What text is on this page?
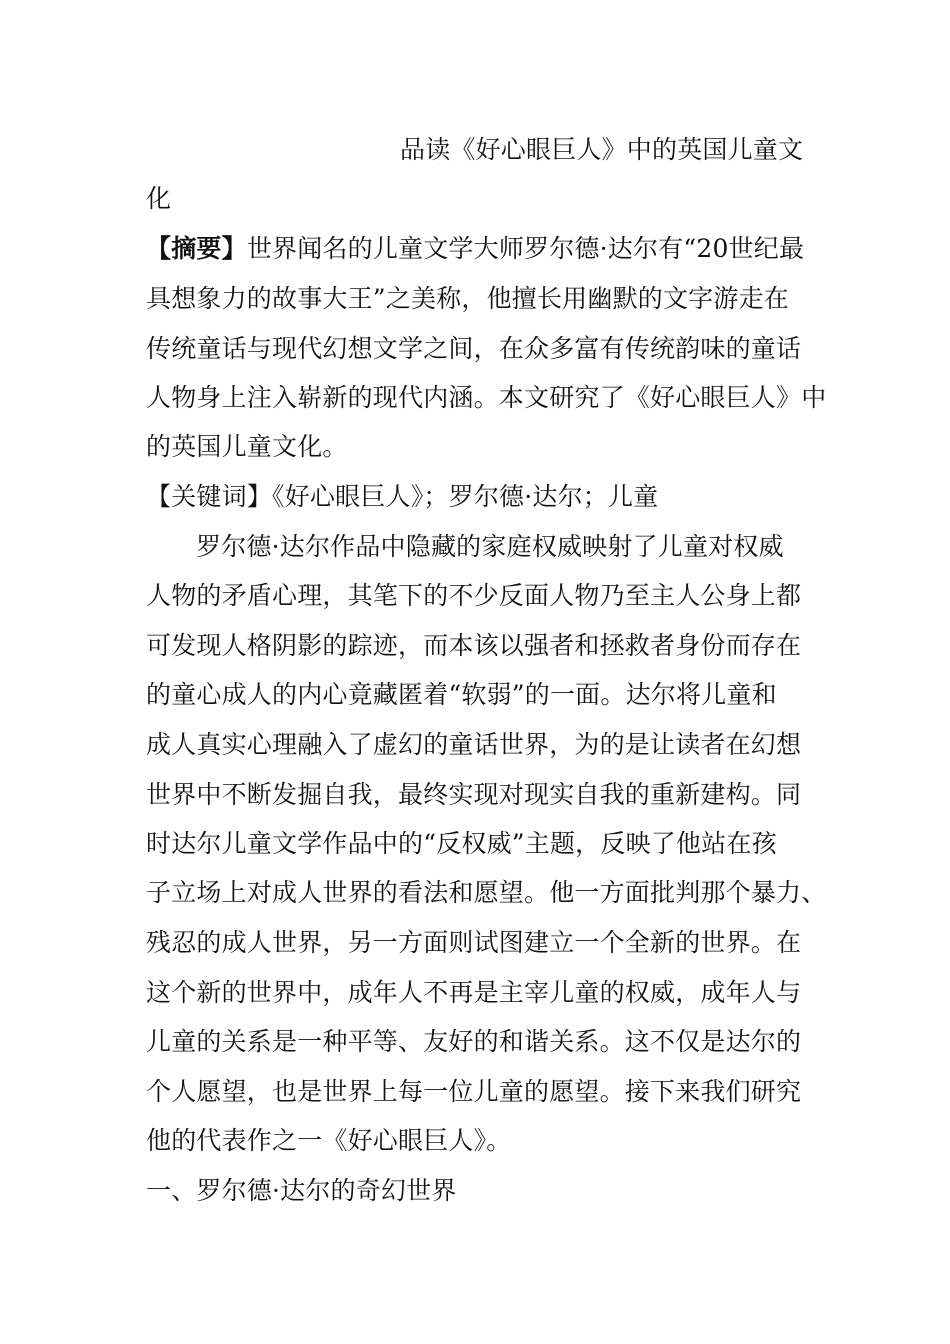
品读《好心眼巨人》中的英国儿童文
化
【摘要】世界闻名的儿童文学大师罗尔德·达尔有“20世纪最
具想象力的故事大王”之美称，他擅长用幽默的文字游走在
传统童话与现代幻想文学之间，在众多富有传统韵味的童话
人物身上注入崭新的现代内涵。本文研究了《好心眼巨人》中
的英国儿童文化。
【关键词】《好心眼巨人》；罗尔德·达尔；儿童
罗尔德·达尔作品中隐藏的家庭权威映射了儿童对权威
人物的矛盾心理，其笔下的不少反面人物乃至主人公身上都
可发现人格阴影的踪迹，而本该以强者和拯救者身份而存在
的童心成人的内心竟藏匿着“软弱”的一面。达尔将儿童和
成人真实心理融入了虚幻的童话世界，为的是让读者在幻想
世界中不断发掘自我，最终实现对现实自我的重新建构。同
时达尔儿童文学作品中的“反权威”主题，反映了他站在孩
子立场上对成人世界的看法和愿望。他一方面批判那个暴力、
残忍的成人世界，另一方面则试图建立一个全新的世界。在
这个新的世界中，成年人不再是主宰儿童的权威，成年人与
儿童的关系是一种平等、友好的和谐关系。这不仅是达尔的
个人愿望，也是世界上每一位儿童的愿望。接下来我们研究
他的代表作之一《好心眼巨人》。
一、罗尔德·达尔的奇幻世界
